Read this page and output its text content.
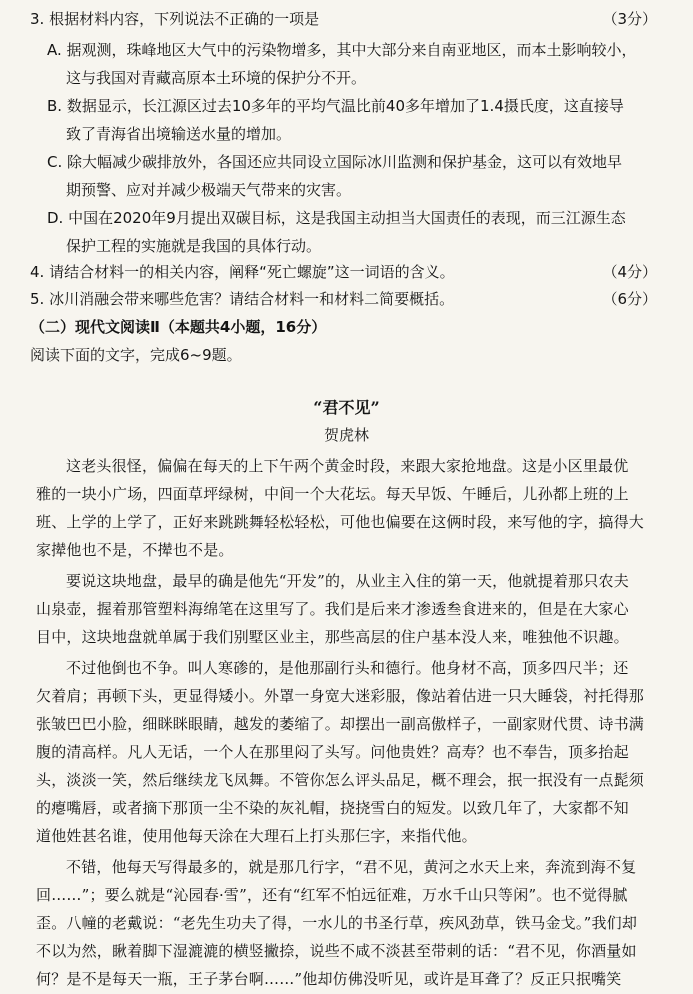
3. 根据材料内容，下列说法不正确的一项是	（3分）
A. 据观测，珠峰地区大气中的污染物增多，其中大部分来自南亚地区，而本土影响较小，
这与我国对青藏高原本土环境的保护分不开。
B. 数据显示，长江源区过去10多年的平均气温比前40多年增加了1.4摄氏度，这直接导
致了青海省出境输送水量的增加。
C. 除大幅减少碳排放外，各国还应共同设立国际冰川监测和保护基金，这可以有效地早
期预警、应对并减少极端天气带来的灾害。
D. 中国在2020年9月提出双碳目标，这是我国主动担当大国责任的表现，而三江源生态
保护工程的实施就是我国的具体行动。
4. 请结合材料一的相关内容，阐释“死亡螺旋”这一词语的含义。	（4分）
5. 冰川消融会带来哪些危害？请结合材料一和材料二简要概括。	（6分）
（二）现代文阅读Ⅱ（本题共4小题，16分）
阅读下面的文字，完成6~9题。
“君不见”
贺虎林
这老头很怪，偏偏在每天的上下午两个黄金时段，来跟大家抢地盘。这是小区里最优
雅的一块小广场，四面草坪绿树，中间一个大花坛。每天早饭、午睡后，儿孙都上班的上
班、上学的上学了，正好来跳跳舞轻松轻松，可他也偏要在这俩时段，来写他的字，搞得大
家撵他也不是，不撵也不是。
要说这块地盘，最早的确是他先“开发”的，从业主入住的第一天，他就提着那只农夫
山泉壶，握着那管塑料海绵笔在这里写了。我们是后来才渗透叁食进来的，但是在大家心
目中，这块地盘就单属于我们别墅区业主，那些高层的住户基本没人来，唯独他不识趣。
不过他倒也不争。叫人寒碜的，是他那副行头和德行。他身材不高，顶多四尺半；还
欠着肩；再顿下头，更显得矮小。外罩一身宽大迷彩服，像站着估进一只大睡袋，衬托得那
张皱巴巴小脸，细眯眯眼睛，越发的萎缩了。却摆出一副高傲样子，一副家财代贯、诗书满
腹的清高样。凡人无话，一个人在那里闷了头写。问他贵姓？高寿？也不奉告，顶多抬起
头，淡淡一笑，然后继续龙飞凤舞。不管你怎么评头品足，概不理会，抿一抿没有一点髭须
的瘪嘴唇，或者摘下那顶一尘不染的灰礼帽，挠挠雪白的短发。以致几年了，大家都不知
道他姓甚名谁，使用他每天涂在大理石上打头那仨字，来指代他。
不错，他每天写得最多的，就是那几行字，“君不见，黄河之水天上来，奔流到海不复
回……”；要么就是“沁园春·雪”，还有“红军不怕远征难，万水千山只等闲”。也不觉得腻
歪。八幢的老戴说：“老先生功夫了得，一水儿的书圣行草，疾风劲草，铁马金戈。”我们却
不以为然，瞅着脚下湿漉漉的横竖撇捺，说些不咸不淡甚至带刺的话：“君不见，你酒量如
何？是不是每天一瓶，王子茅台啊……”他却仿佛没听见，或许是耳聋了？反正只抿嘴笑
